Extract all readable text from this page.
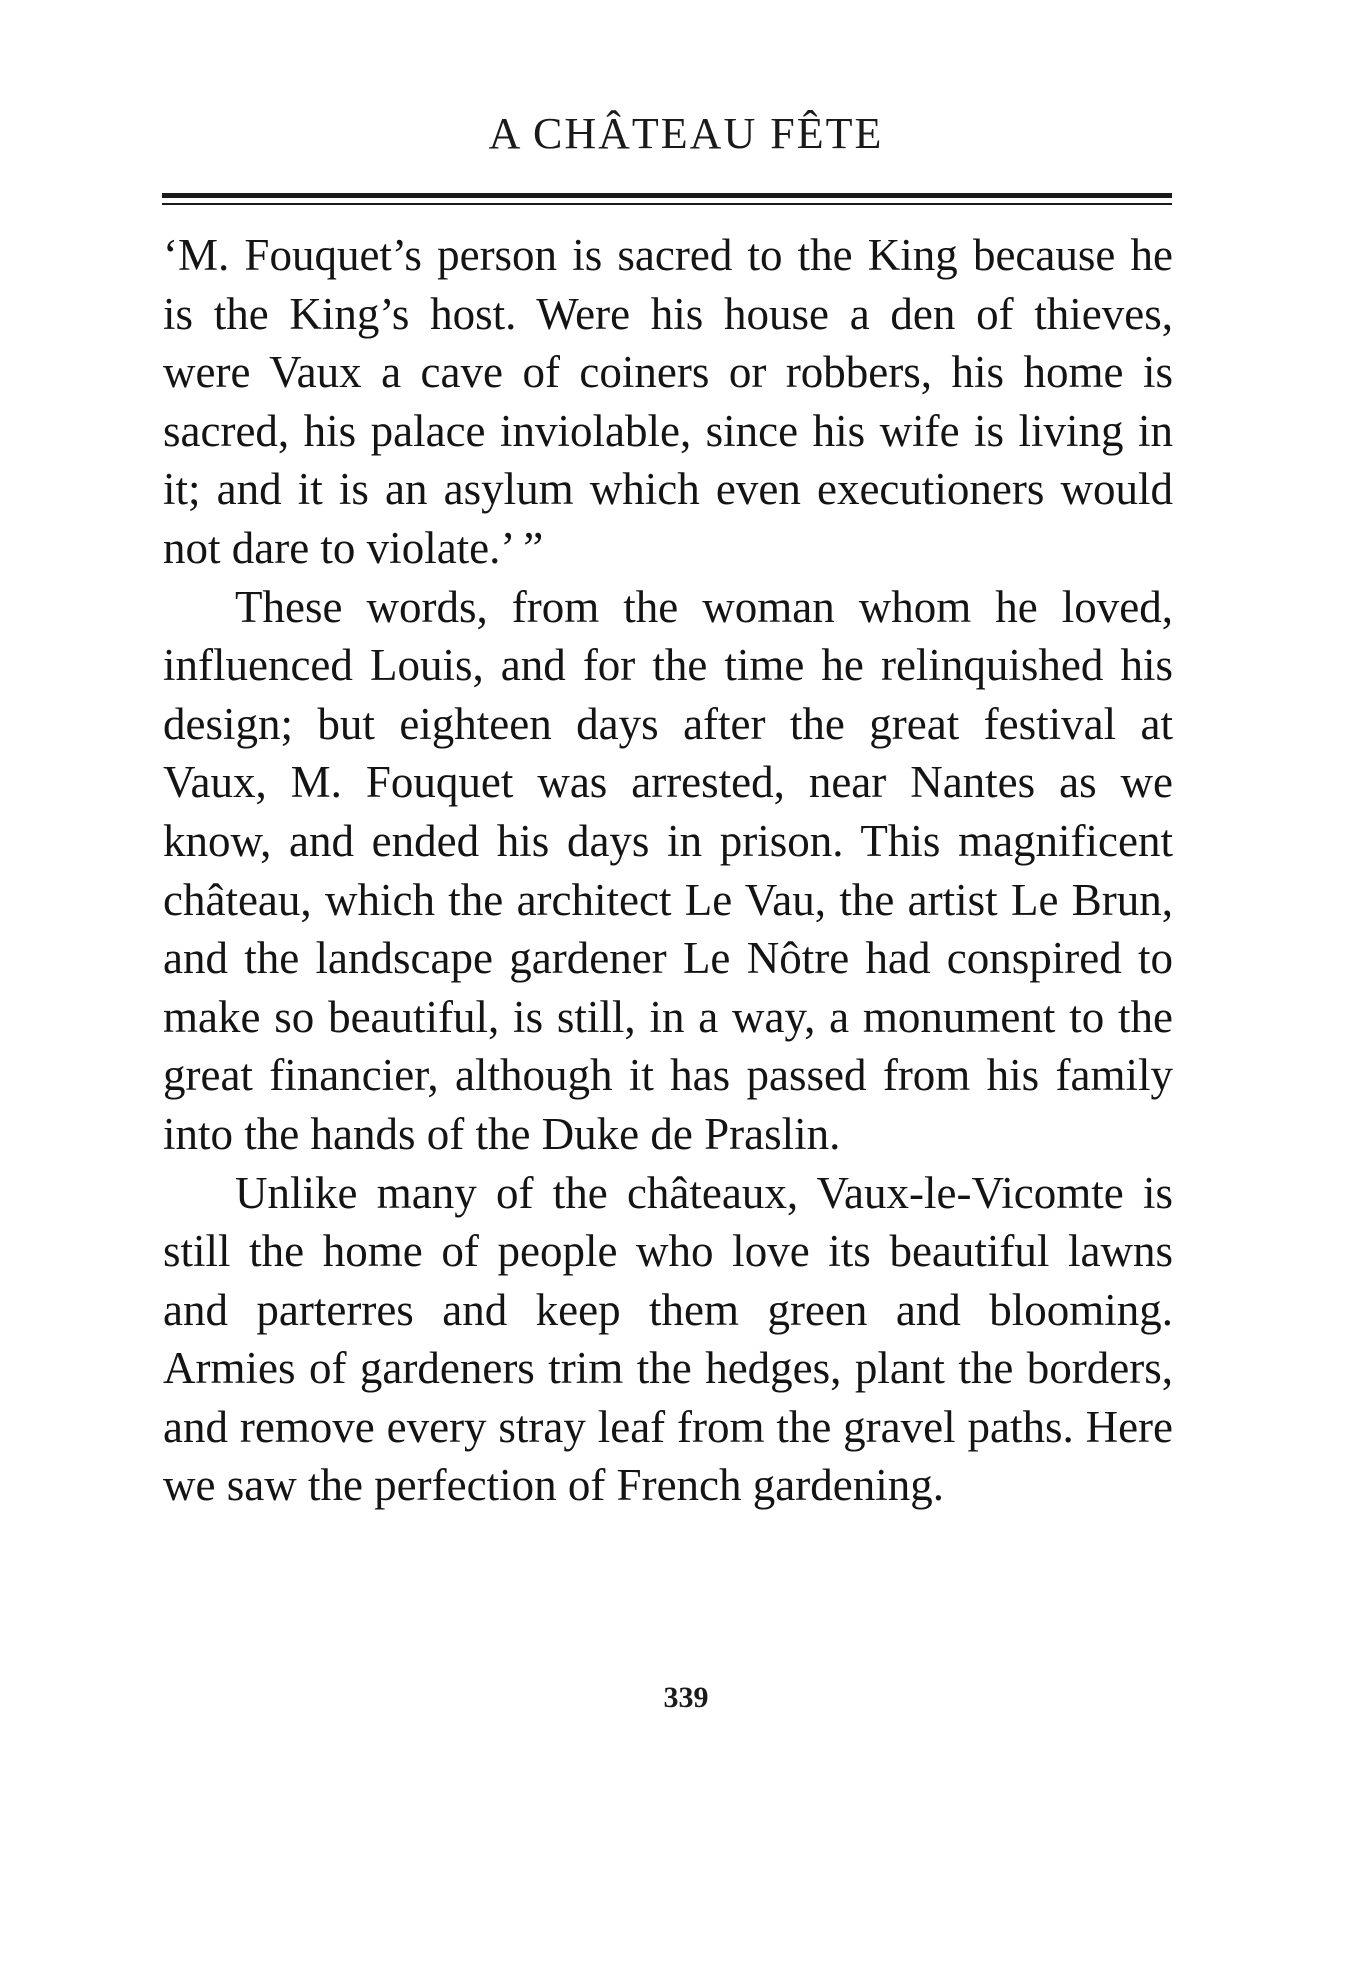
A CHÂTEAU FÊTE

‘M. Fouquet’s person is sacred to the King because he is the King’s host. Were his house a den of thieves, were Vaux a cave of coiners or robbers, his home is sacred, his palace inviolable, since his wife is living in it; and it is an asylum which even executioners would not dare to violate.’ ”

These words, from the woman whom he loved, influenced Louis, and for the time he relinquished his design; but eighteen days after the great festival at Vaux, M. Fouquet was arrested, near Nantes as we know, and ended his days in prison. This magnificent château, which the architect Le Vau, the artist Le Brun, and the landscape gardener Le Nôtre had conspired to make so beautiful, is still, in a way, a monument to the great financier, although it has passed from his family into the hands of the Duke de Praslin.

Unlike many of the châteaux, Vaux-le-Vicomte is still the home of people who love its beautiful lawns and parterres and keep them green and blooming. Armies of gardeners trim the hedges, plant the borders, and remove every stray leaf from the gravel paths. Here we saw the perfection of French gardening.

339
